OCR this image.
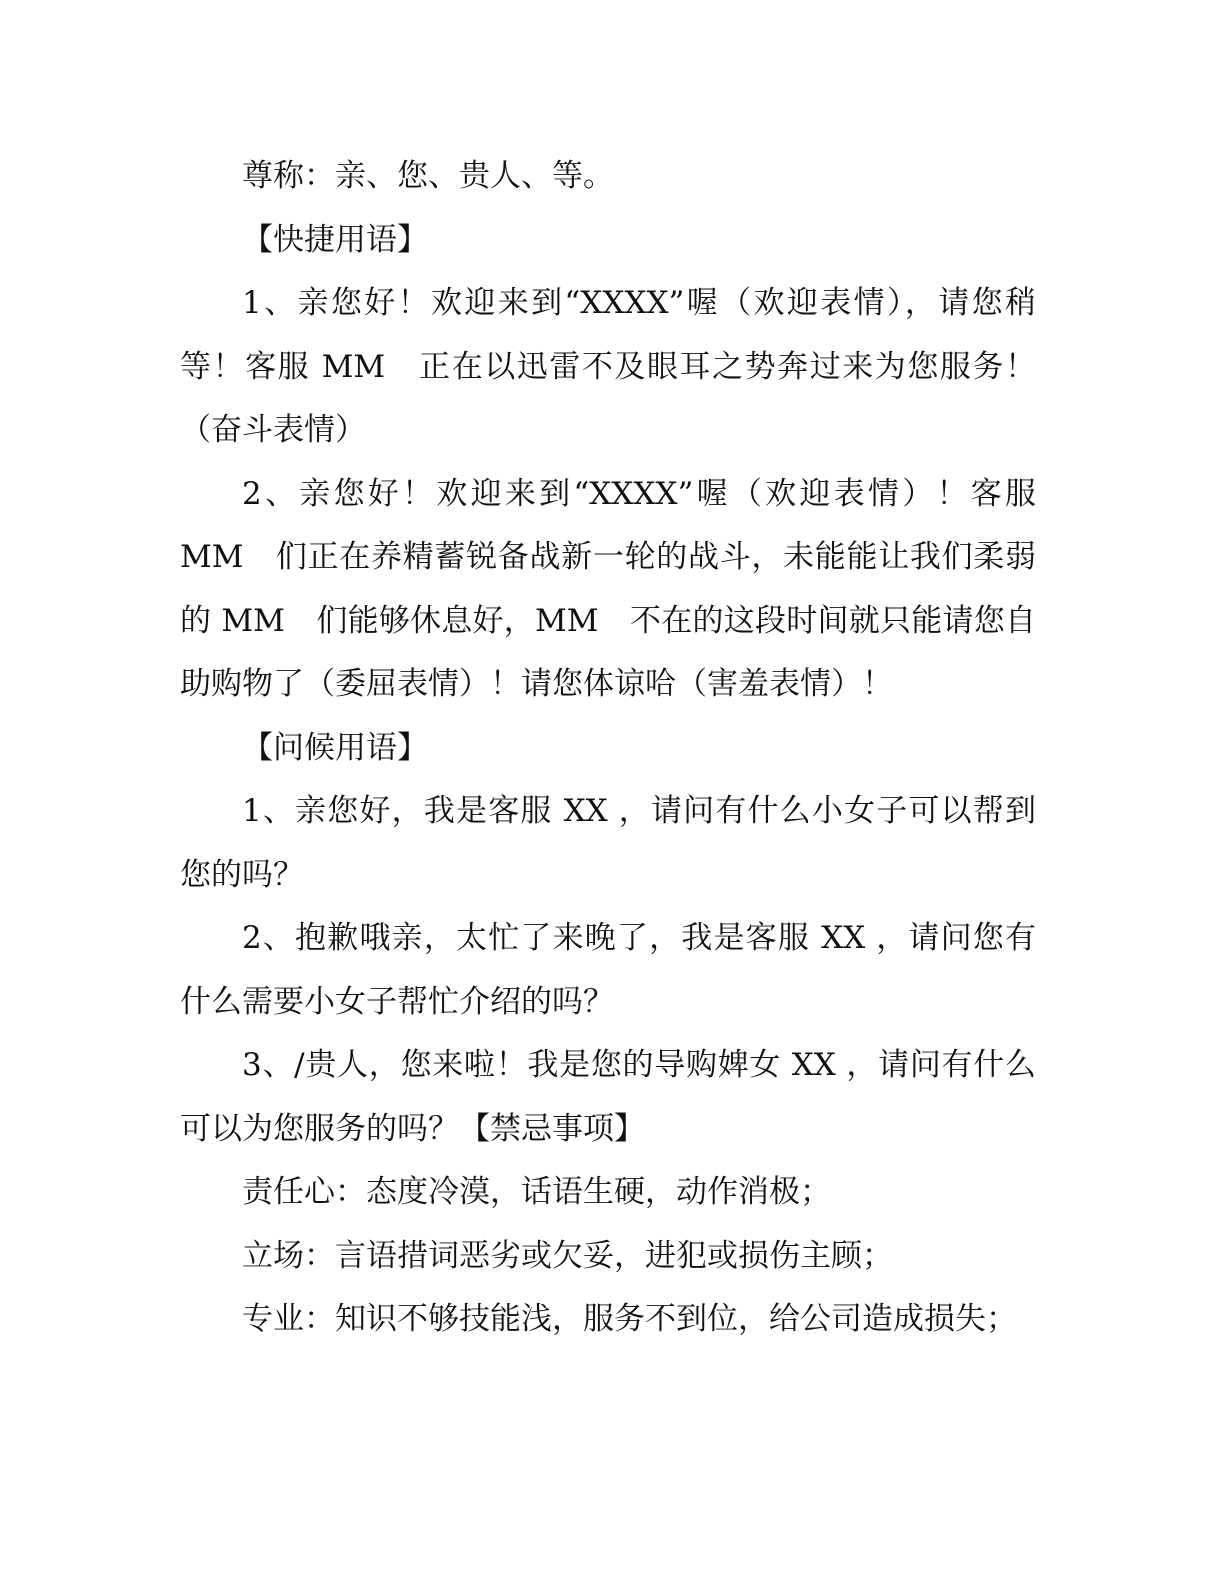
尊称：亲、您、贵人、等。

【快捷用语】

1、亲您好！欢迎来到“XXXX”喔（欢迎表情），请您稍等！客服 MM　正在以迅雷不及眼耳之势奔过来为您服务！（奋斗表情）

2、亲您好！欢迎来到“XXXX”喔（欢迎表情）！客服 MM　们正在养精蓄锐备战新一轮的战斗，未能能让我们柔弱的 MM　们能够休息好，MM　不在的这段时间就只能请您自助购物了（委屈表情）！请您体谅哈（害羞表情）！

【问候用语】

1、亲您好，我是客服 XX ，请问有什么小女子可以帮到您的吗？

2、抱歉哦亲，太忙了来晚了，我是客服 XX ，请问您有什么需要小女子帮忙介绍的吗？

3、/贵人，您来啦！我是您的导购婢女 XX ，请问有什么可以为您服务的吗？【禁忌事项】

责任心：态度冷漠，话语生硬，动作消极；

立场：言语措词恶劣或欠妥，进犯或损伤主顾；

专业：知识不够技能浅，服务不到位，给公司造成损失；
